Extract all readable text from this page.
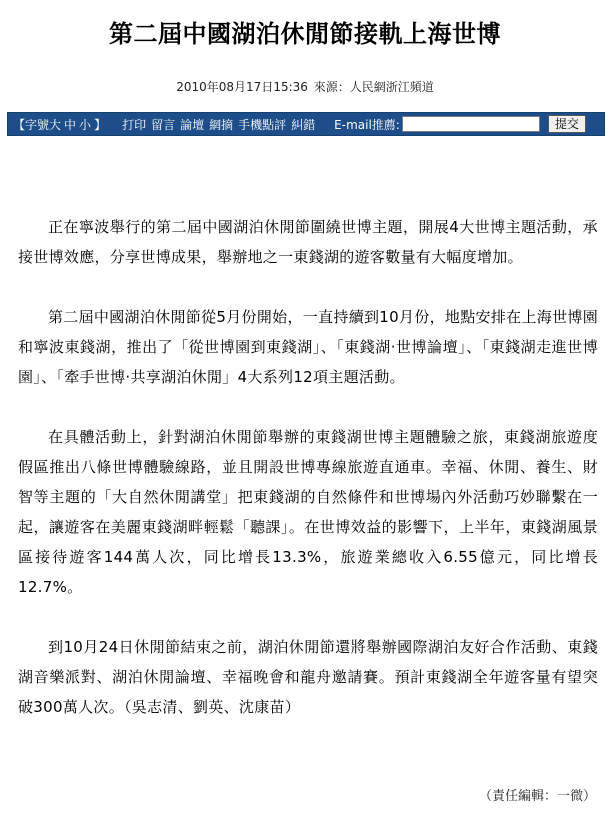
第二屆中國湖泊休閒節接軌上海世博
2010年08月17日15:36 來源：人民網浙江頻道
【字號 大 中 小 】 打印 留言 論壇 網摘 手機點評 糾錯 E-mail推薦:	提交

正在寧波舉行的第二屆中國湖泊休閒節圍繞世博主題，開展4大世博主題活動，承接世博效應，分享世博成果，舉辦地之一東錢湖的遊客數量有大幅度增加。

第二屆中國湖泊休閒節從5月份開始，一直持續到10月份，地點安排在上海世博園和寧波東錢湖，推出了「從世博園到東錢湖」、「東錢湖·世博論壇」、「東錢湖走進世博園」、「牽手世博·共享湖泊休閒」4大系列12項主題活動。

在具體活動上，針對湖泊休閒節舉辦的東錢湖世博主題體驗之旅，東錢湖旅遊度假區推出八條世博體驗線路，並且開設世博專線旅遊直通車。幸福、休閒、養生、財智等主題的「大自然休閒講堂」把東錢湖的自然條件和世博場內外活動巧妙聯繫在一起，讓遊客在美麗東錢湖畔輕鬆「聽課」。在世博效益的影響下，上半年，東錢湖風景區接待遊客144萬人次，同比增長13.3%，旅遊業總收入6.55億元，同比增長12.7%。

到10月24日休閒節結束之前，湖泊休閒節還將舉辦國際湖泊友好合作活動、東錢湖音樂派對、湖泊休閒論壇、幸福晚會和龍舟邀請賽。預計東錢湖全年遊客量有望突破300萬人次。（吳志清、劉英、沈康苗）

（責任編輯：一微）
